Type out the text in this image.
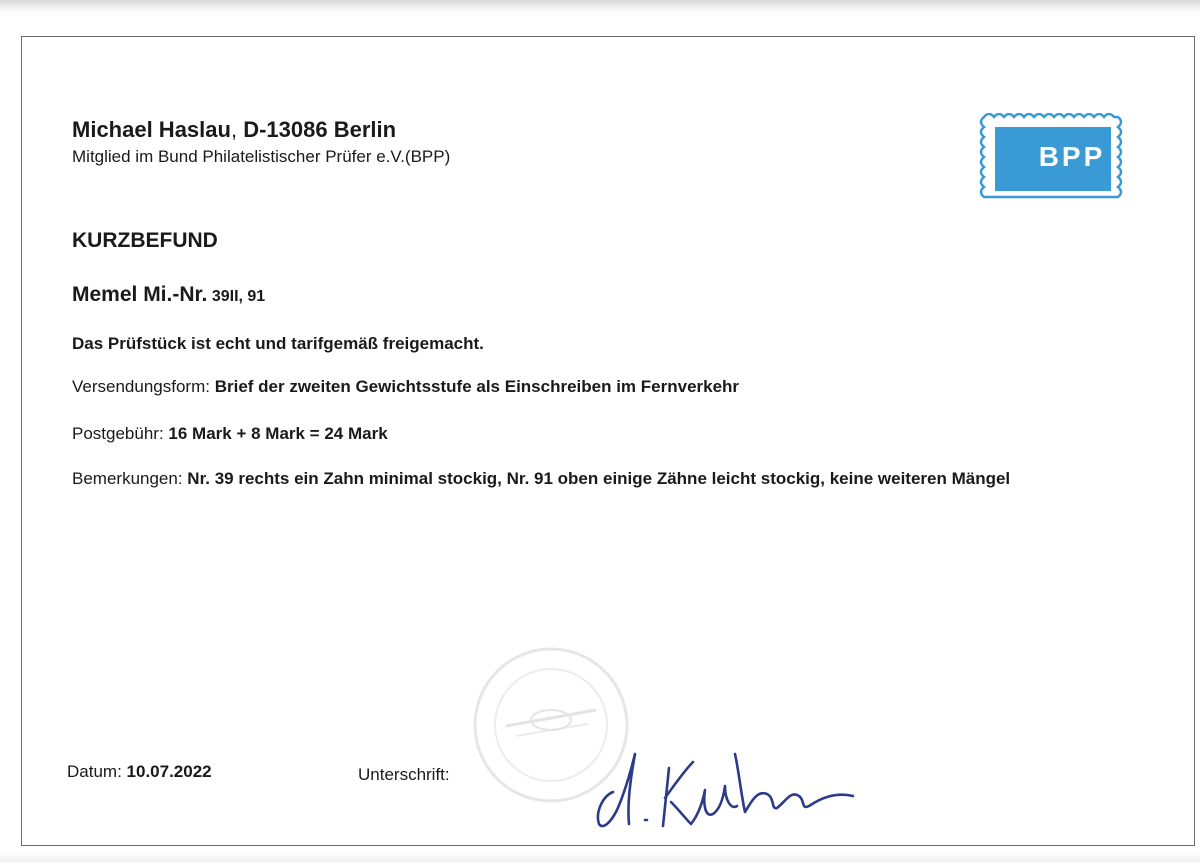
Michael Haslau, D-13086 Berlin
Mitglied im Bund Philatelistischer Prüfer e.V.(BPP)	BPP
KURZBEFUND
Memel Mi.-Nr. 39II, 91
Das Prüfstück ist echt und tarifgemäß freigemacht.
Versendungsform: Brief der zweiten Gewichtsstufe als Einschreiben im Fernverkehr
Postgebühr: 16 Mark + 8 Mark = 24 Mark
Bemerkungen: Nr. 39 rechts ein Zahn minimal stockig, Nr. 91 oben einige Zähne leicht stockig, keine weiteren Mängel
Datum: 10.07.2022	Unterschrift:
